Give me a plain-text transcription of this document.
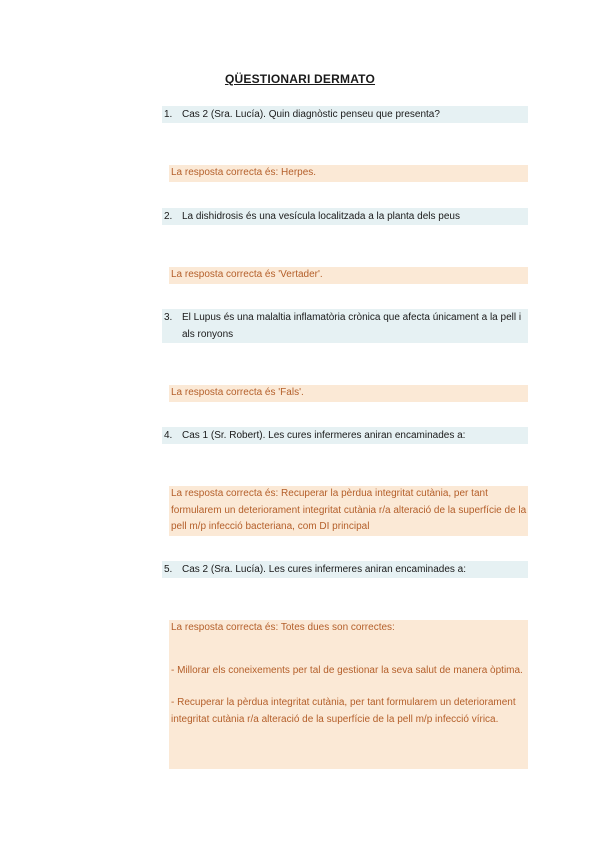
QÜESTIONARI DERMATO
1. Cas 2 (Sra. Lucía). Quin diagnòstic penseu que presenta?

La resposta correcta és: Herpes.

2. La dishidrosis és una vesícula localitzada a la planta dels peus

La resposta correcta és 'Vertader'.

3. El Lupus és una malaltia inflamatòria crònica que afecta únicament a la pell i als ronyons

La resposta correcta és 'Fals'.

4. Cas 1 (Sr. Robert). Les cures infermeres aniran encaminades a:

La resposta correcta és: Recuperar la pèrdua integritat cutània, per tant formularem un deteriorament integritat cutània r/a alteració de la superfície de la pell m/p infecció bacteriana, com DI principal

5. Cas 2 (Sra. Lucía). Les cures infermeres aniran encaminades a:

La resposta correcta és: Totes dues son correctes:

- Millorar els coneixements per tal de gestionar la seva salut de manera òptima.

- Recuperar la pèrdua integritat cutània, per tant formularem un deteriorament integritat cutània r/a alteració de la superfície de la pell m/p infecció vírica.
